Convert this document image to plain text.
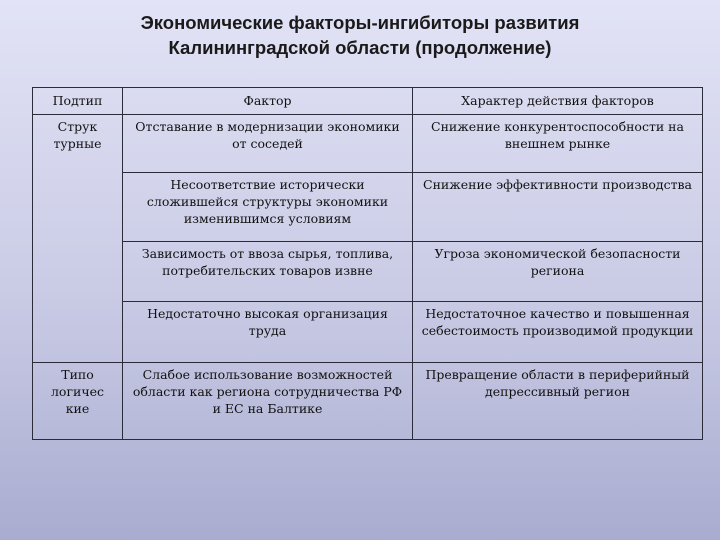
Экономические факторы-ингибиторы развития
Калининградской области (продолжение)
Подтип	Фактор	Характер действия факторов
Струк турные	Отставание в модернизации экономики от соседей	Снижение конкурентоспособности на внешнем рынке
	Несоответствие исторически сложившейся структуры экономики изменившимся условиям	Снижение эффективности производства
	Зависимость от ввоза сырья, топлива, потребительских товаров извне	Угроза экономической безопасности региона
	Недостаточно высокая организация труда	Недостаточное качество и повышенная себестоимость производимой продукции
Типо логичес кие	Слабое использование возможностей области как региона сотрудничества РФ и ЕС на Балтике	Превращение области в периферийный депрессивный регион
